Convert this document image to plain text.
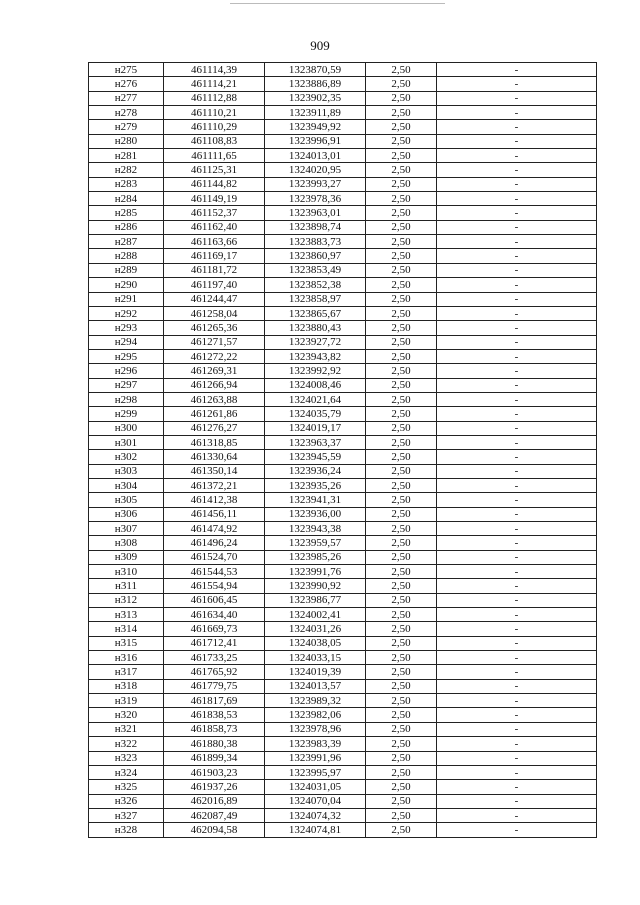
909
н275	461114,39	1323870,59	2,50	-
н276	461114,21	1323886,89	2,50	-
н277	461112,88	1323902,35	2,50	-
н278	461110,21	1323911,89	2,50	-
н279	461110,29	1323949,92	2,50	-
н280	461108,83	1323996,91	2,50	-
н281	461111,65	1324013,01	2,50	-
н282	461125,31	1324020,95	2,50	-
н283	461144,82	1323993,27	2,50	-
н284	461149,19	1323978,36	2,50	-
н285	461152,37	1323963,01	2,50	-
н286	461162,40	1323898,74	2,50	-
н287	461163,66	1323883,73	2,50	-
н288	461169,17	1323860,97	2,50	-
н289	461181,72	1323853,49	2,50	-
н290	461197,40	1323852,38	2,50	-
н291	461244,47	1323858,97	2,50	-
н292	461258,04	1323865,67	2,50	-
н293	461265,36	1323880,43	2,50	-
н294	461271,57	1323927,72	2,50	-
н295	461272,22	1323943,82	2,50	-
н296	461269,31	1323992,92	2,50	-
н297	461266,94	1324008,46	2,50	-
н298	461263,88	1324021,64	2,50	-
н299	461261,86	1324035,79	2,50	-
н300	461276,27	1324019,17	2,50	-
н301	461318,85	1323963,37	2,50	-
н302	461330,64	1323945,59	2,50	-
н303	461350,14	1323936,24	2,50	-
н304	461372,21	1323935,26	2,50	-
н305	461412,38	1323941,31	2,50	-
н306	461456,11	1323936,00	2,50	-
н307	461474,92	1323943,38	2,50	-
н308	461496,24	1323959,57	2,50	-
н309	461524,70	1323985,26	2,50	-
н310	461544,53	1323991,76	2,50	-
н311	461554,94	1323990,92	2,50	-
н312	461606,45	1323986,77	2,50	-
н313	461634,40	1324002,41	2,50	-
н314	461669,73	1324031,26	2,50	-
н315	461712,41	1324038,05	2,50	-
н316	461733,25	1324033,15	2,50	-
н317	461765,92	1324019,39	2,50	-
н318	461779,75	1324013,57	2,50	-
н319	461817,69	1323989,32	2,50	-
н320	461838,53	1323982,06	2,50	-
н321	461858,73	1323978,96	2,50	-
н322	461880,38	1323983,39	2,50	-
н323	461899,34	1323991,96	2,50	-
н324	461903,23	1323995,97	2,50	-
н325	461937,26	1324031,05	2,50	-
н326	462016,89	1324070,04	2,50	-
н327	462087,49	1324074,32	2,50	-
н328	462094,58	1324074,81	2,50	-
